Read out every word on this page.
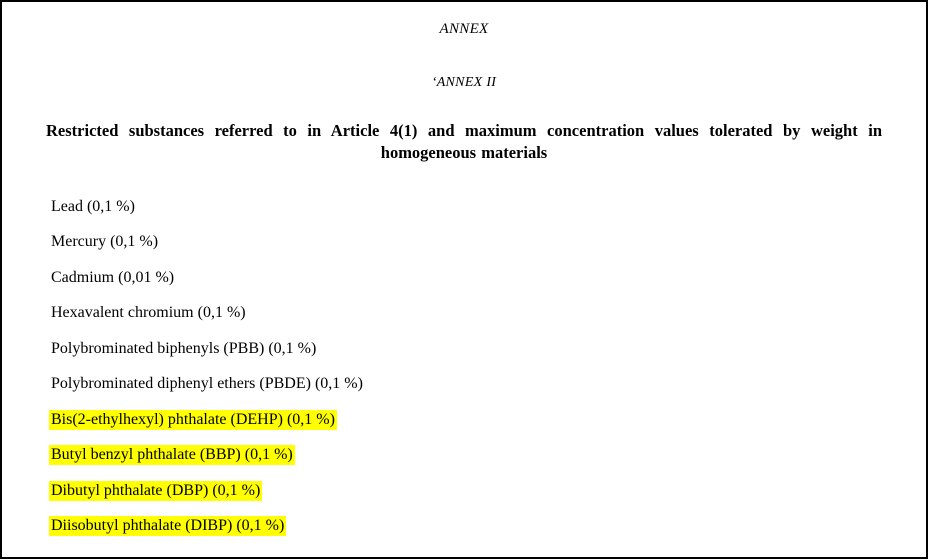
ANNEX
‘ANNEX II
Restricted substances referred to in Article 4(1) and maximum concentration values tolerated by weight in homogeneous materials
Lead (0,1 %)
Mercury (0,1 %)
Cadmium (0,01 %)
Hexavalent chromium (0,1 %)
Polybrominated biphenyls (PBB) (0,1 %)
Polybrominated diphenyl ethers (PBDE) (0,1 %)
Bis(2-ethylhexyl) phthalate (DEHP) (0,1 %)
Butyl benzyl phthalate (BBP) (0,1 %)
Dibutyl phthalate (DBP) (0,1 %)
Diisobutyl phthalate (DIBP) (0,1 %)
